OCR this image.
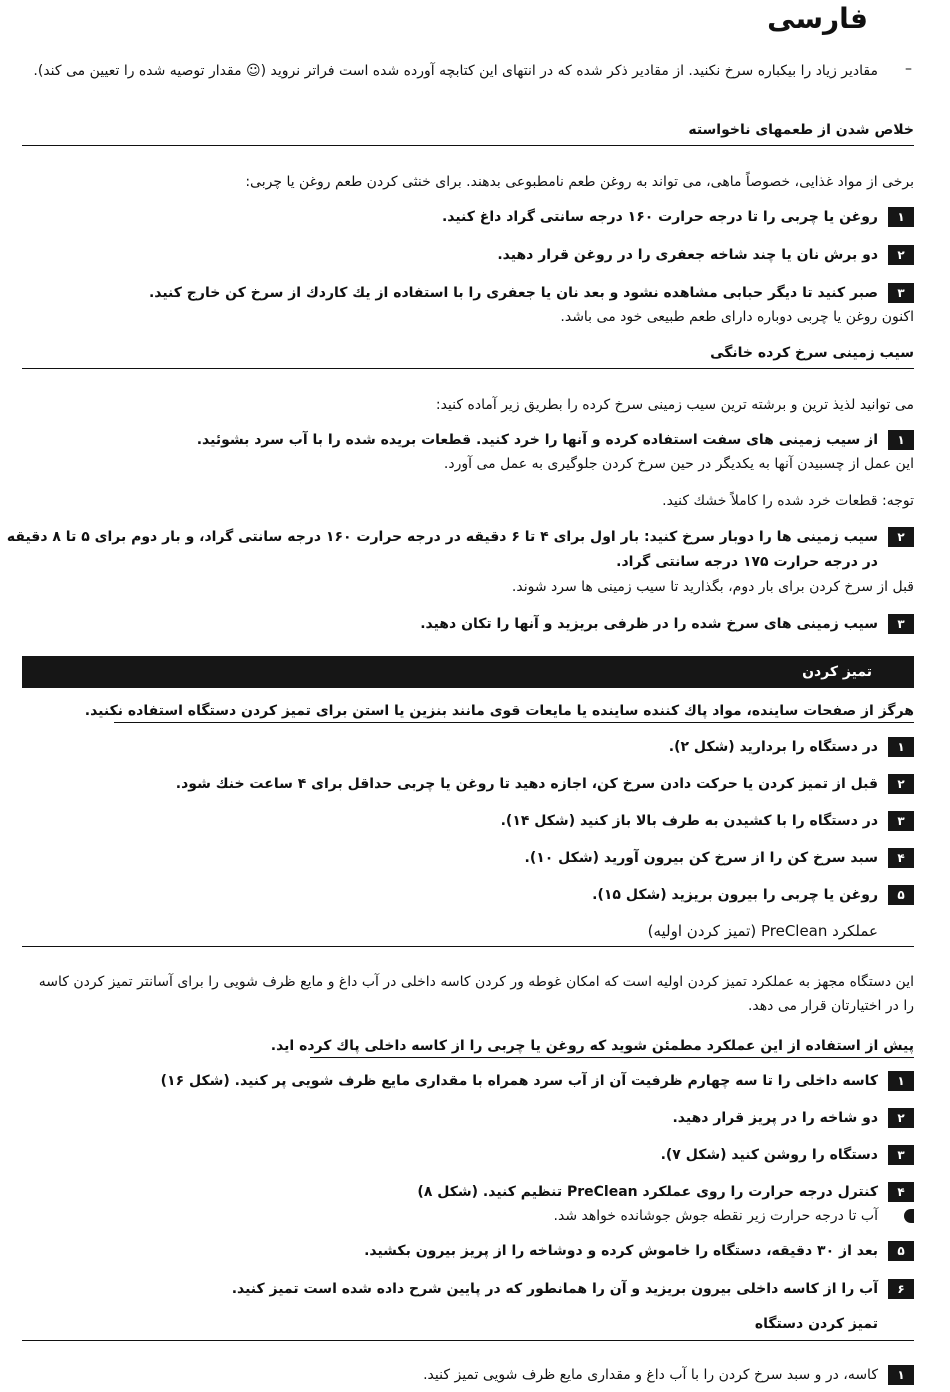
فارسی
–
مقادیر زیاد را بیکباره سرخ نکنید. از مقادیر ذکر شده که در انتهای این کتابچه آورده شده است فراتر نروید (☺ مقدار توصیه شده را تعیین می کند).
خلاص شدن از طعمهای ناخواسته
برخی از مواد غذایی، خصوصاً ماهی، می تواند به روغن طعم نامطبوعی بدهند. برای خنثی کردن طعم روغن یا چربی:
۱
روغن یا چربی را تا درجه حرارت ۱۶۰ درجه سانتی گراد داغ کنید.
۲
دو برش نان یا چند شاخه جعفری را در روغن قرار دهید.
۳
صبر کنید تا دیگر حبابی مشاهده نشود و بعد نان یا جعفری را با استفاده از یك كاردك از سرخ كن خارج كنید.
اکنون روغن یا چربی دوباره دارای طعم طبیعی خود می باشد.
سیب زمینی سرخ کرده خانگی
می توانید لذیذ ترین و برشته ترین سیب زمینی سرخ کرده را بطریق زیر آماده کنید:
۱
از سیب زمینی های سفت استفاده کرده و آنها را خرد کنید. قطعات بریده شده را با آب سرد بشوئید.
این عمل از چسبیدن آنها به یکدیگر در حین سرخ کردن جلوگیری به عمل می آورد.
توجه: قطعات خرد شده را کاملاً خشك كنید.
۲
سیب زمینی ها را دوبار سرخ کنید: بار اول برای ۴ تا ۶ دقیقه در درجه حرارت ۱۶۰ درجه سانتی گراد، و بار دوم برای ۵ تا ۸ دقیقه
در درجه حرارت ۱۷۵ درجه سانتی گراد.
قبل از سرخ کردن برای بار دوم، بگذارید تا سیب زمینی ها سرد شوند.
۳
سیب زمینی های سرخ شده را در ظرفی بریزید و آنها را تکان دهید.
تمیز کردن
هرگز از صفحات ساینده، مواد پاك كننده ساینده یا مایعات قوی مانند بنزین یا استن برای تمیز كردن دستگاه استفاده نكنید.
۱
در دستگاه را بردارید (شکل ۲).
۲
قبل از تمیز کردن یا حرکت دادن سرخ کن، اجازه دهید تا روغن یا چربی حداقل برای ۴ ساعت خنك شود.
۳
در دستگاه را با کشیدن به طرف بالا باز کنید (شکل ۱۴).
۴
سبد سرخ کن را از سرخ کن بیرون آورید (شکل ۱۰).
۵
روغن یا چربی را بیرون بریزید (شکل ۱۵).
عملکرد PreClean (تمیز کردن اولیه)
این دستگاه مجهز به عملکرد تمیز کردن اولیه است که امکان غوطه ور کردن کاسه داخلی در آب داغ و مایع ظرف شویی را برای آسانتر تمیز کردن کاسه را در اختیارتان قرار می دهد.
پیش از استفاده از این عملکرد مطمئن شوید که روغن یا چربی را از کاسه داخلی پاك كرده اید.
۱
کاسه داخلی را تا سه چهارم ظرفیت آن از آب سرد همراه با مقداری مایع ظرف شویی پر کنید. (شکل ۱۶)
۲
دو شاخه را در پریز قرار دهید.
۳
دستگاه را روشن کنید (شکل ۷).
۴
کنترل درجه حرارت را روی عملکرد PreClean تنظیم کنید. (شکل ۸)
آب تا درجه حرارت زیر نقطه جوش جوشانده خواهد شد.
۵
بعد از ۳۰ دقیقه، دستگاه را خاموش کرده و دوشاخه را از پریز بیرون بکشید.
۶
آب را از کاسه داخلی بیرون بریزید و آن را همانطور که در پایین شرح داده شده است تمیز کنید.
تمیز کردن دستگاه
۱
کاسه، در و سبد سرخ کردن را با آب داغ و مقداری مایع ظرف شویی تمیز کنید.
